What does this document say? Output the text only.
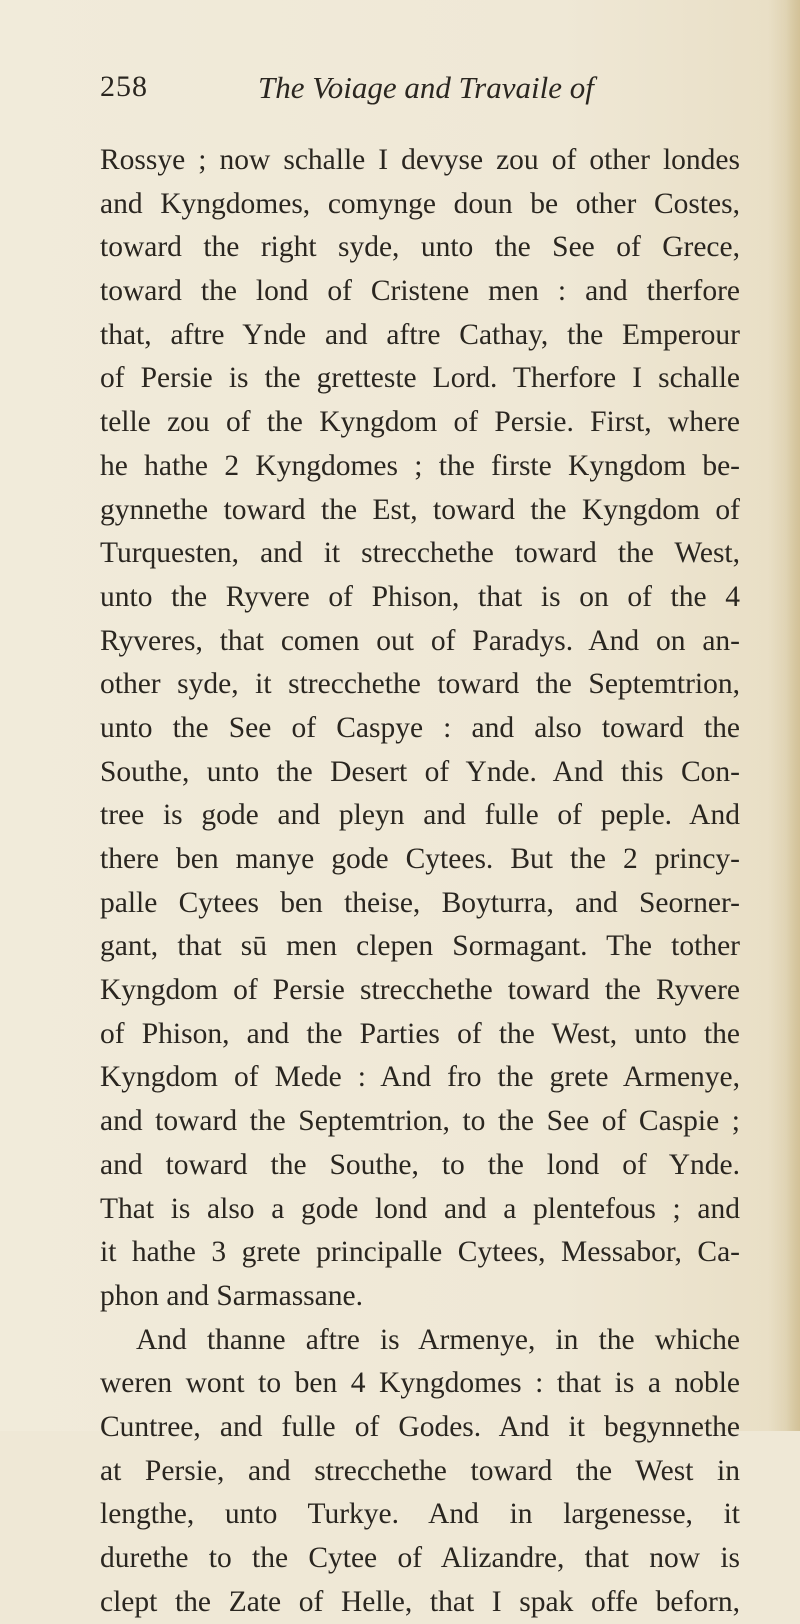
258	The Voiage and Travaile of
Rossye ; now schalle I devyse zou of other londes
and Kyngdomes, comynge doun be other Costes,
toward the right syde, unto the See of Grece,
toward the lond of Cristene men : and therfore
that, aftre Ynde and aftre Cathay, the Emperour
of Persie is the gretteste Lord. Therfore I schalle
telle zou of the Kyngdom of Persie. First, where
he hathe 2 Kyngdomes ; the firste Kyngdom be-
gynnethe toward the Est, toward the Kyngdom of
Turquesten, and it strecchethe toward the West,
unto the Ryvere of Phison, that is on of the 4
Ryveres, that comen out of Paradys. And on an-
other syde, it strecchethe toward the Septemtrion,
unto the See of Caspye : and also toward the
Southe, unto the Desert of Ynde. And this Con-
tree is gode and pleyn and fulle of peple. And
there ben manye gode Cytees. But the 2 princy-
palle Cytees ben theise, Boyturra, and Seorner-
gant, that sū men clepen Sormagant. The tother
Kyngdom of Persie strecchethe toward the Ryvere
of Phison, and the Parties of the West, unto the
Kyngdom of Mede : And fro the grete Armenye,
and toward the Septemtrion, to the See of Caspie ;
and toward the Southe, to the lond of Ynde.
That is also a gode lond and a plentefous ; and
it hathe 3 grete principalle Cytees, Messabor, Ca-
phon and Sarmassane.
And thanne aftre is Armenye, in the whiche
weren wont to ben 4 Kyngdomes : that is a noble
Cuntree, and fulle of Godes. And it begynnethe
at Persie, and strecchethe toward the West in
lengthe, unto Turkye. And in largenesse, it
durethe to the Cytee of Alizandre, that now is
clept the Zate of Helle, that I spak offe beforn,
